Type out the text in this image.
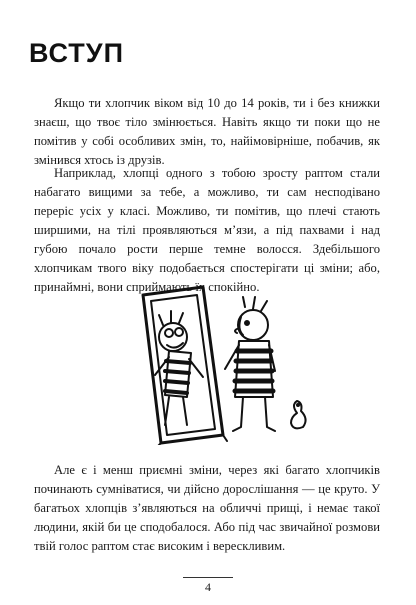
ВСТУП

Якщо ти хлопчик віком від 10 до 14 років, ти і без книжки знаєш, що твоє тіло змінюється. Навіть якщо ти поки що не помітив у собі особливих змін, то, найімовірніше, побачив, як змінився хтось із друзів.

Наприклад, хлопці одного з тобою зросту раптом стали набагато вищими за тебе, а можливо, ти сам несподівано переріс усіх у класі. Можливо, ти помітив, що плечі стають ширшими, на тілі проявляються м’язи, а під пахвами і над губою почало рости перше темне волосся. Здебільшого хлопчикам твого віку подобається спостерігати ці зміни; або, принаймні, вони сприймають їх спокійно.

Але є і менш приємні зміни, через які багато хлопчиків починають сумніватися, чи дійсно дорослішання — це круто. У багатьох хлопців з’являються на обличчі прищі, і немає такої людини, якій би це сподобалося. Або під час звичайної розмови твій голос раптом стає високим і верескливим.

4
